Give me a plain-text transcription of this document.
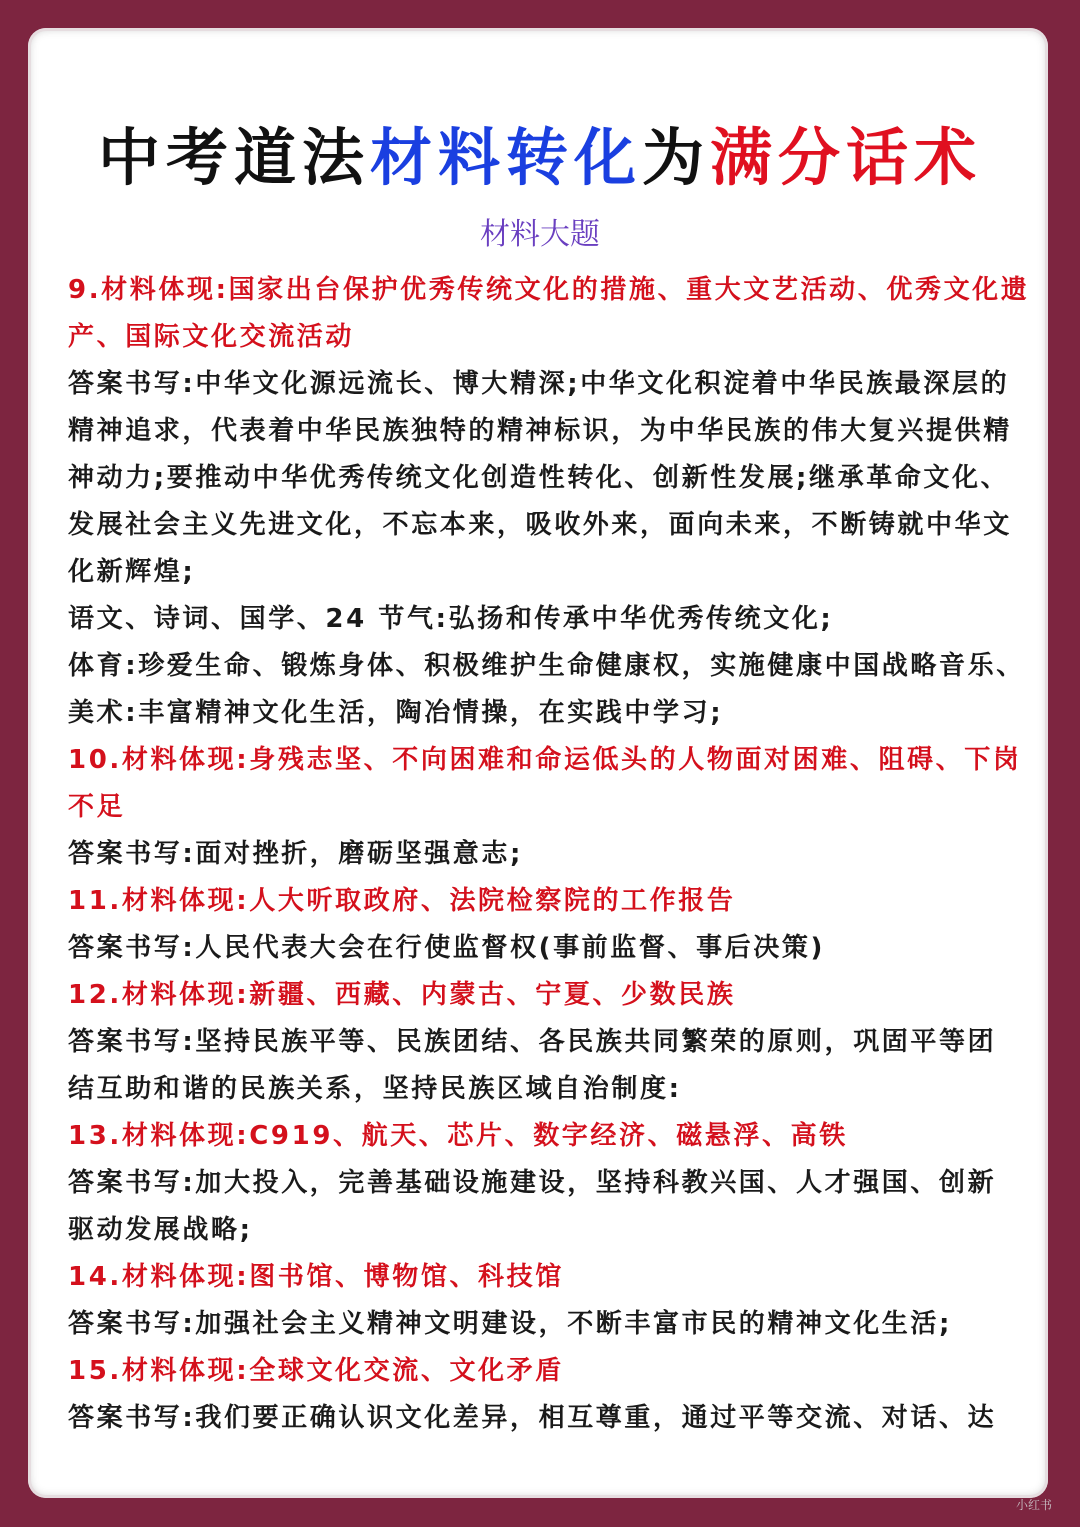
中考道法材料转化为满分话术
材料大题
9.材料体现:国家出台保护优秀传统文化的措施、重大文艺活动、优秀文化遗
产、国际文化交流活动
答案书写:中华文化源远流长、博大精深;中华文化积淀着中华民族最深层的
精神追求，代表着中华民族独特的精神标识，为中华民族的伟大复兴提供精
神动力;要推动中华优秀传统文化创造性转化、创新性发展;继承革命文化、
发展社会主义先进文化，不忘本来，吸收外来，面向未来，不断铸就中华文
化新辉煌;
语文、诗词、国学、24 节气:弘扬和传承中华优秀传统文化;
体育:珍爱生命、锻炼身体、积极维护生命健康权，实施健康中国战略音乐、
美术:丰富精神文化生活，陶冶情操，在实践中学习;
10.材料体现:身残志坚、不向困难和命运低头的人物面对困难、阻碍、下岗
不足
答案书写:面对挫折，磨砺坚强意志;
11.材料体现:人大听取政府、法院检察院的工作报告
答案书写:人民代表大会在行使监督权(事前监督、事后决策)
12.材料体现:新疆、西藏、内蒙古、宁夏、少数民族
答案书写:坚持民族平等、民族团结、各民族共同繁荣的原则，巩固平等团
结互助和谐的民族关系，坚持民族区域自治制度:
13.材料体现:C919、航天、芯片、数字经济、磁悬浮、高铁
答案书写:加大投入，完善基础设施建设，坚持科教兴国、人才强国、创新
驱动发展战略;
14.材料体现:图书馆、博物馆、科技馆
答案书写:加强社会主义精神文明建设，不断丰富市民的精神文化生活;
15.材料体现:全球文化交流、文化矛盾
答案书写:我们要正确认识文化差异，相互尊重，通过平等交流、对话、达
小红书
